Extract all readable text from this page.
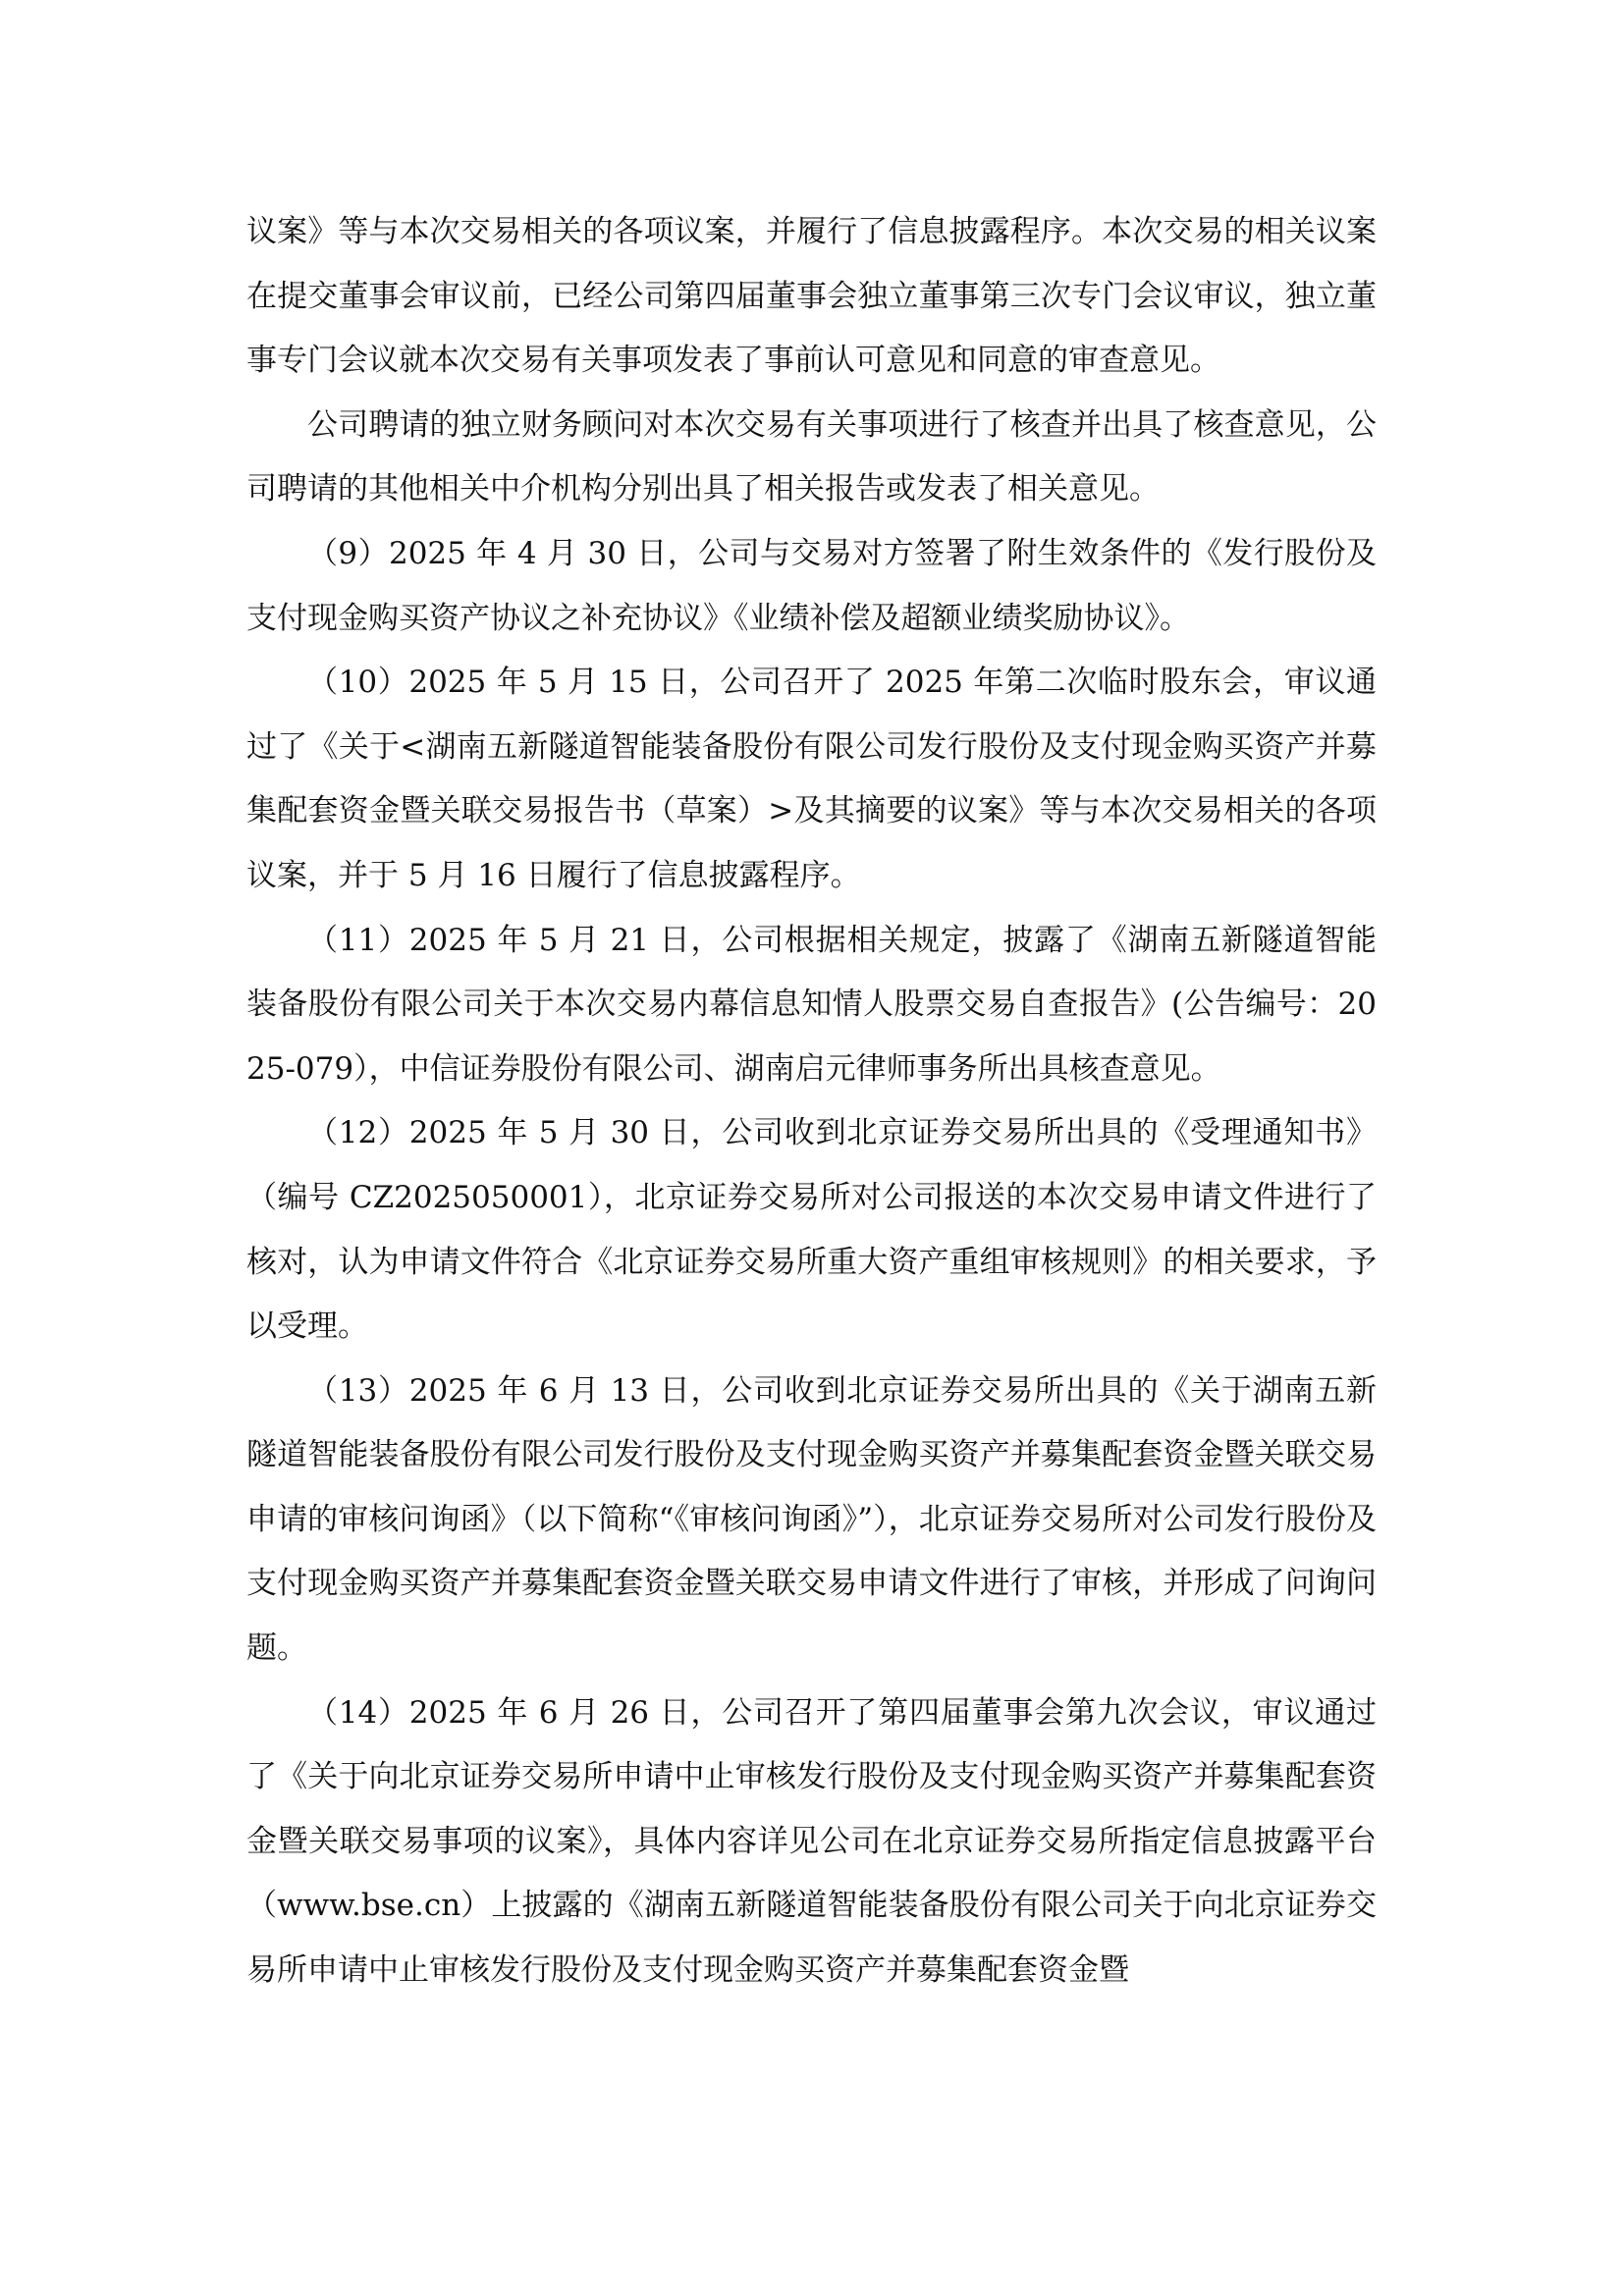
议案》等与本次交易相关的各项议案，并履行了信息披露程序。本次交易的相关议案在提交董事会审议前，已经公司第四届董事会独立董事第三次专门会议审议，独立董事专门会议就本次交易有关事项发表了事前认可意见和同意的审查意见。

公司聘请的独立财务顾问对本次交易有关事项进行了核查并出具了核查意见，公司聘请的其他相关中介机构分别出具了相关报告或发表了相关意见。

（9）2025 年 4 月 30 日，公司与交易对方签署了附生效条件的《发行股份及支付现金购买资产协议之补充协议》《业绩补偿及超额业绩奖励协议》。

（10）2025 年 5 月 15 日，公司召开了 2025 年第二次临时股东会，审议通过了《关于<湖南五新隧道智能装备股份有限公司发行股份及支付现金购买资产并募集配套资金暨关联交易报告书（草案）>及其摘要的议案》等与本次交易相关的各项议案，并于 5 月 16 日履行了信息披露程序。

（11）2025 年 5 月 21 日，公司根据相关规定，披露了《湖南五新隧道智能装备股份有限公司关于本次交易内幕信息知情人股票交易自查报告》(公告编号：2025-079），中信证券股份有限公司、湖南启元律师事务所出具核查意见。

（12）2025 年 5 月 30 日，公司收到北京证券交易所出具的《受理通知书》（编号 CZ2025050001），北京证券交易所对公司报送的本次交易申请文件进行了核对，认为申请文件符合《北京证券交易所重大资产重组审核规则》的相关要求，予以受理。

（13）2025 年 6 月 13 日，公司收到北京证券交易所出具的《关于湖南五新隧道智能装备股份有限公司发行股份及支付现金购买资产并募集配套资金暨关联交易申请的审核问询函》（以下简称“《审核问询函》”），北京证券交易所对公司发行股份及支付现金购买资产并募集配套资金暨关联交易申请文件进行了审核，并形成了问询问题。

（14）2025 年 6 月 26 日，公司召开了第四届董事会第九次会议，审议通过了《关于向北京证券交易所申请中止审核发行股份及支付现金购买资产并募集配套资金暨关联交易事项的议案》，具体内容详见公司在北京证券交易所指定信息披露平台（www.bse.cn）上披露的《湖南五新隧道智能装备股份有限公司关于向北京证券交易所申请中止审核发行股份及支付现金购买资产并募集配套资金暨
